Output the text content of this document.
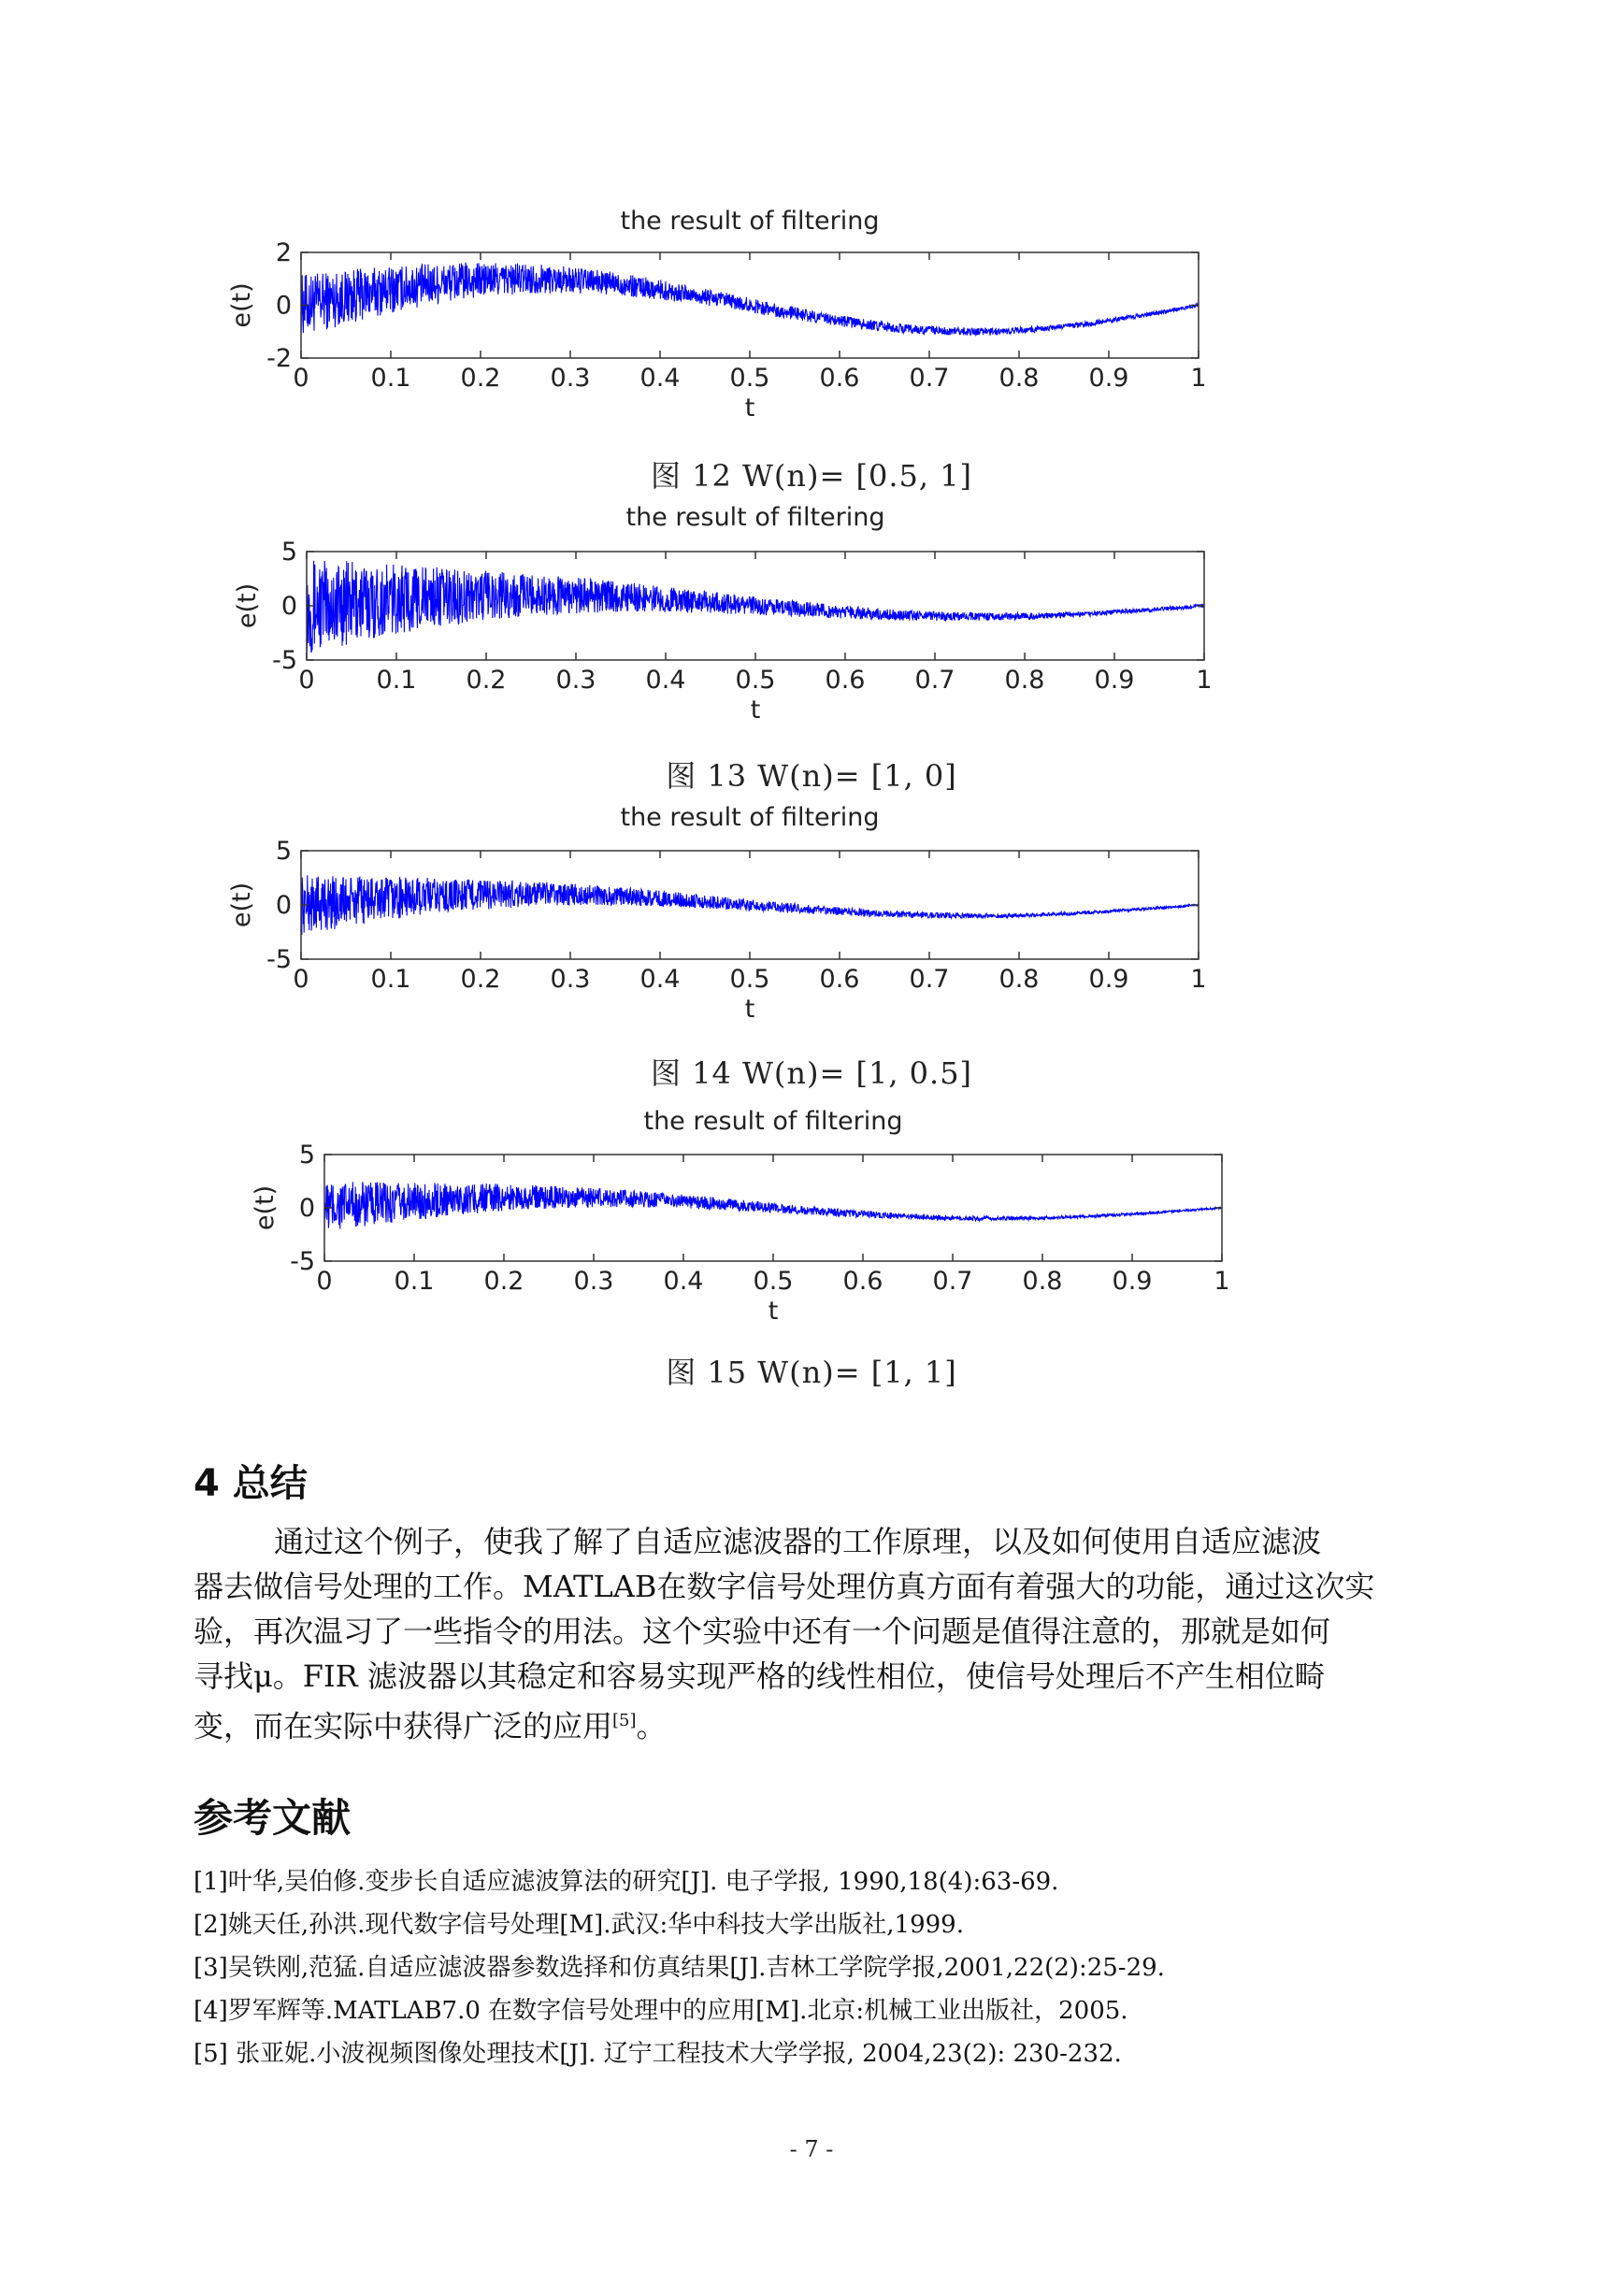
the result of filtering
0 0.1 0.2 0.3 0.4 0.5 0.6 0.7 0.8 0.9 1
2
0
-2
t
e(t)
图 12 W(n)= [0.5, 1]
the result of filtering
0 0.1 0.2 0.3 0.4 0.5 0.6 0.7 0.8 0.9 1
5
0
-5
t
e(t)
图 13 W(n)= [1, 0]
the result of filtering
0 0.1 0.2 0.3 0.4 0.5 0.6 0.7 0.8 0.9 1
5
0
-5
t
e(t)
图 14 W(n)= [1, 0.5]
the result of filtering
0 0.1 0.2 0.3 0.4 0.5 0.6 0.7 0.8 0.9 1
5
0
-5
t
e(t)
图 15 W(n)= [1, 1]
4 总结
通过这个例子，使我了解了自适应滤波器的工作原理，以及如何使用自适应滤波
器去做信号处理的工作。MATLAB在数字信号处理仿真方面有着强大的功能，通过这次实
验，再次温习了一些指令的用法。这个实验中还有一个问题是值得注意的，那就是如何
寻找μ。FIR 滤波器以其稳定和容易实现严格的线性相位，使信号处理后不产生相位畸
变，而在实际中获得广泛的应用[5]。
参考文献
[1]叶华,吴伯修.变步长自适应滤波算法的研究[J]. 电子学报, 1990,18(4):63-69.
[2]姚天任,孙洪.现代数字信号处理[M].武汉:华中科技大学出版社,1999.
[3]吴铁刚,范猛.自适应滤波器参数选择和仿真结果[J].吉林工学院学报,2001,22(2):25-29.
[4]罗军辉等.MATLAB7.0 在数字信号处理中的应用[M].北京:机械工业出版社，2005.
[5] 张亚妮.小波视频图像处理技术[J]. 辽宁工程技术大学学报, 2004,23(2): 230-232.
- 7 -
